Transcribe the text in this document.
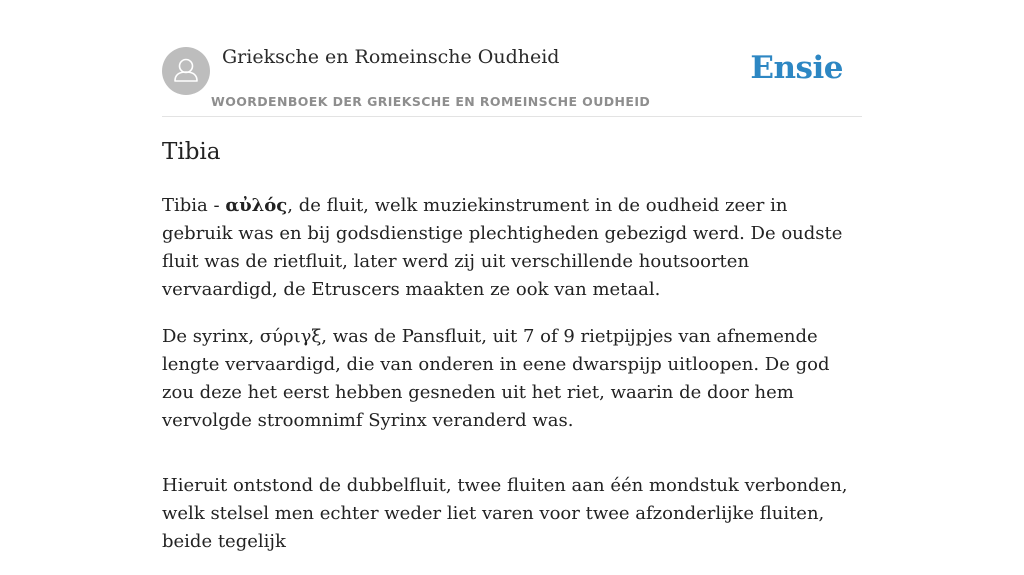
Grieksche en Romeinsche Oudheid
WOORDENBOEK DER GRIEKSCHE EN ROMEINSCHE OUDHEID
Ensie
Tibia

Tibia - αὐλός, de fluit, welk muziekinstrument in de oudheid zeer in gebruik was en bij godsdienstige plechtigheden gebezigd werd. De oudste fluit was de rietfluit, later werd zij uit verschillende houtsoorten vervaardigd, de Etruscers maakten ze ook van metaal.

De syrinx, σύριγξ, was de Pansfluit, uit 7 of 9 rietpijpjes van afnemende lengte vervaardigd, die van onderen in eene dwarspijp uitloopen. De god zou deze het eerst hebben gesneden uit het riet, waarin de door hem vervolgde stroomnimf Syrinx veranderd was.

Hieruit ontstond de dubbelfluit, twee fluiten aan één mondstuk verbonden, welk stelsel men echter weder liet varen voor twee afzonderlijke fluiten, beide tegelijk
